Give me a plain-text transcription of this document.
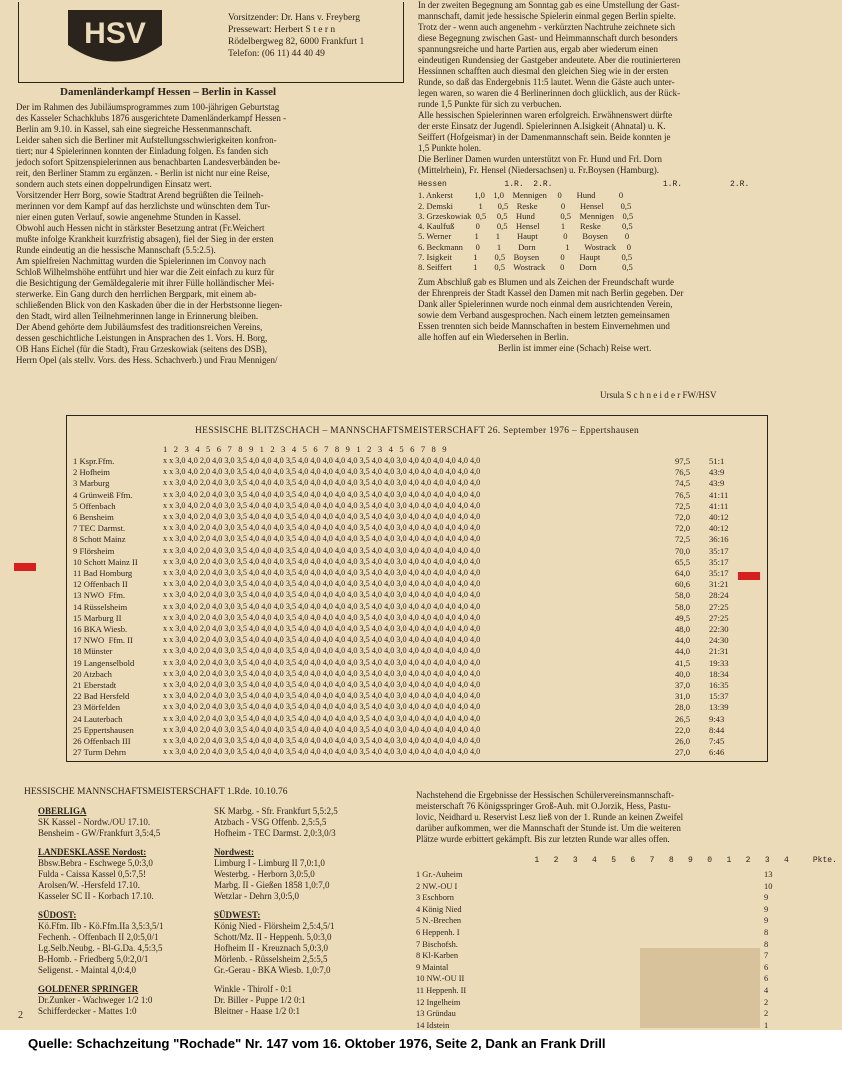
HSV	Vorsitzender: Dr. Hans v. Freyberg
Pressewart: Herbert S t e r n
Rödelbergweg 82, 6000 Frankfurt 1
Telefon: (06 11) 44 40 49
Damenländerkampf Hessen – Berlin in Kassel

Der im Rahmen des Jubiläumsprogrammes zum 100-jährigen Geburtstag

des Kasseler Schachklubs 1876 ausgerichtete Damenländerkampf Hessen -

Berlin am 9.10. in Kassel, sah eine siegreiche Hessenmannschaft.

Leider sahen sich die Berliner mit Aufstellungsschwierigkeiten konfron-

tiert; nur 4 Spielerinnen konnten der Einladung folgen. Es fanden sich

jedoch sofort Spitzenspielerinnen aus benachbarten Landesverbänden be-

reit, den Berliner Stamm zu ergänzen. - Berlin ist nicht nur eine Reise,

sondern auch stets einen doppelrundigen Einsatz wert.

Vorsitzender Herr Borg, sowie Stadtrat Arend begrüßten die Teilneh-

merinnen vor dem Kampf auf das herzlichste und wünschten dem Tur-

nier einen guten Verlauf, sowie angenehme Stunden in Kassel.

Obwohl auch Hessen nicht in stärkster Besetzung antrat (Fr.Weichert

mußte infolge Krankheit kurzfristig absagen), fiel der Sieg in der ersten

Runde eindeutig an die hessische Mannschaft (5.5:2.5).

Am spielfreien Nachmittag wurden die Spielerinnen im Convoy nach

Schloß Wilhelmshöhe entführt und hier war die Zeit einfach zu kurz für

die Besichtigung der Gemäldegalerie mit ihrer Fülle holländischer Mei-

sterwerke. Ein Gang durch den herrlichen Bergpark, mit einem ab-

schließenden Blick von den Kaskaden über die in der Herbstsonne liegen-

den Stadt, wird allen Teilnehmerinnen lange in Erinnerung bleiben.

Der Abend gehörte dem Jubiläumsfest des traditionsreichen Vereins,

dessen geschichtliche Leistungen in Ansprachen des 1. Vors. H. Borg,

OB Hans Eichel (für die Stadt), Frau Grzeskowiak (seitens des DSB),

Herrn Opel (als stellv. Vors. des Hess. Schachverb.) und Frau Mennigen/

In der zweiten Begegnung am Sonntag gab es eine Umstellung der Gast-

mannschaft, damit jede hessische Spielerin einmal gegen Berlin spielte.

Trotz der - wenn auch angenehm - verkürzten Nachtruhe zeichnete sich

diese Begegnung zwischen Gast- und Heimmannschaft durch besonders

spannungsreiche und harte Partien aus, ergab aber wiederum einen

eindeutigen Rundensieg der Gastgeber andeutete. Aber die routinierteren

Hessinnen schafften auch diesmal den gleichen Sieg wie in der ersten

Runde, so daß das Endergebnis 11:5 lautet. Wenn die Gäste auch unter-

legen waren, so waren die 4 Berlinerinnen doch glücklich, aus der Rück-

runde 1,5 Punkte für sich zu verbuchen.

Alle hessischen Spielerinnen waren erfolgreich. Erwähnenswert dürfte

der erste Einsatz der Jugendl. Spielerinnen A.Isigkeit (Ahnatal) u. K.

Seiffert (Hofgeismar) in der Damenmannschaft sein. Beide konnten je

1,5 Punkte holen.

Die Berliner Damen wurden unterstützt von Fr. Hund und Frl. Dorn

(Mittelrhein), Fr. Hensel (Niedersachsen) u. Fr.Boysen (Hamburg).

Hessen            1.R.  2.R.                       1.R.          2.R.
1. Ankerst          1,0    1,0    Mennigen     0       Hund           0
2. Demski            1       0,5    Reske           0       Hensel        0,5
3. Grzeskowiak  0,5     0,5    Hund            0,5    Mennigen    0,5
4. Kaulfuß          0        0,5    Hensel          1       Reske          0,5
5. Werner           1        1        Haupt            0       Boysen        0
6. Beckmann      0        1        Dorn              1       Wostrack     0
7. Isigkeit          1        0,5    Boysen          0       Haupt          0,5
8. Seiffert          1        0,5    Wostrack       0       Dorn            0,5

Zum Abschluß gab es Blumen und als Zeichen der Freundschaft wurde

der Ehrenpreis der Stadt Kassel den Damen mit nach Berlin gegeben. Der

Dank aller Spielerinnen wurde noch einmal dem ausrichtenden Verein,

sowie dem Verband ausgesprochen. Nach einem letzten gemeinsamen

Essen trennten sich beide Mannschaften in bestem Einvernehmen und

alle hoffen auf ein Wiedersehen in Berlin.

Berlin ist immer eine (Schach) Reise wert.
Ursula S c h n e i d e r FW/HSV
HESSISCHE BLITZSCHACH – MANNSCHAFTSMEISTERSCHAFT 26. September 1976 – Eppertshausen
1   2   3   4   5   6   7   8   9   1   2   3   4   5   6   7   8   9   1   2   3   4   5   6   7   8   9
1 Kspr.Ffm.	x x 3,0 4,0 2,0 4,0 3,0 3,5 4,0 4,0 4,0 3,5 4,0 4,0 4,0 4,0 4,0 3,5 4,0 4,0 3,0 4,0 4,0 4,0 4,0 4,0 4,0	97,5 51:1
2 Hofheim	x x 3,0 4,0 2,0 4,0 3,0 3,5 4,0 4,0 4,0 3,5 4,0 4,0 4,0 4,0 4,0 3,5 4,0 4,0 3,0 4,0 4,0 4,0 4,0 4,0 4,0	76,5 43:9
3 Marburg	x x 3,0 4,0 2,0 4,0 3,0 3,5 4,0 4,0 4,0 3,5 4,0 4,0 4,0 4,0 4,0 3,5 4,0 4,0 3,0 4,0 4,0 4,0 4,0 4,0 4,0	74,5 43:9
4 Grünweiß Ffm.	x x 3,0 4,0 2,0 4,0 3,0 3,5 4,0 4,0 4,0 3,5 4,0 4,0 4,0 4,0 4,0 3,5 4,0 4,0 3,0 4,0 4,0 4,0 4,0 4,0 4,0	76,5 41:11
5 Offenbach	x x 3,0 4,0 2,0 4,0 3,0 3,5 4,0 4,0 4,0 3,5 4,0 4,0 4,0 4,0 4,0 3,5 4,0 4,0 3,0 4,0 4,0 4,0 4,0 4,0 4,0	72,5 41:11
6 Bensheim	x x 3,0 4,0 2,0 4,0 3,0 3,5 4,0 4,0 4,0 3,5 4,0 4,0 4,0 4,0 4,0 3,5 4,0 4,0 3,0 4,0 4,0 4,0 4,0 4,0 4,0	72,0 40:12
7 TEC Darmst.	x x 3,0 4,0 2,0 4,0 3,0 3,5 4,0 4,0 4,0 3,5 4,0 4,0 4,0 4,0 4,0 3,5 4,0 4,0 3,0 4,0 4,0 4,0 4,0 4,0 4,0	72,0 40:12
8 Schott Mainz	x x 3,0 4,0 2,0 4,0 3,0 3,5 4,0 4,0 4,0 3,5 4,0 4,0 4,0 4,0 4,0 3,5 4,0 4,0 3,0 4,0 4,0 4,0 4,0 4,0 4,0	72,5 36:16
9 Flörsheim	x x 3,0 4,0 2,0 4,0 3,0 3,5 4,0 4,0 4,0 3,5 4,0 4,0 4,0 4,0 4,0 3,5 4,0 4,0 3,0 4,0 4,0 4,0 4,0 4,0 4,0	70,0 35:17
10 Schott Mainz II	x x 3,0 4,0 2,0 4,0 3,0 3,5 4,0 4,0 4,0 3,5 4,0 4,0 4,0 4,0 4,0 3,5 4,0 4,0 3,0 4,0 4,0 4,0 4,0 4,0 4,0	65,5 35:17
11 Bad Homburg	x x 3,0 4,0 2,0 4,0 3,0 3,5 4,0 4,0 4,0 3,5 4,0 4,0 4,0 4,0 4,0 3,5 4,0 4,0 3,0 4,0 4,0 4,0 4,0 4,0 4,0	64,0 35:17
12 Offenbach II	x x 3,0 4,0 2,0 4,0 3,0 3,5 4,0 4,0 4,0 3,5 4,0 4,0 4,0 4,0 4,0 3,5 4,0 4,0 3,0 4,0 4,0 4,0 4,0 4,0 4,0	60,6 31:21
13 NWO  Ffm.	x x 3,0 4,0 2,0 4,0 3,0 3,5 4,0 4,0 4,0 3,5 4,0 4,0 4,0 4,0 4,0 3,5 4,0 4,0 3,0 4,0 4,0 4,0 4,0 4,0 4,0	58,0 28:24
14 Rüsselsheim	x x 3,0 4,0 2,0 4,0 3,0 3,5 4,0 4,0 4,0 3,5 4,0 4,0 4,0 4,0 4,0 3,5 4,0 4,0 3,0 4,0 4,0 4,0 4,0 4,0 4,0	58,0 27:25
15 Marburg II	x x 3,0 4,0 2,0 4,0 3,0 3,5 4,0 4,0 4,0 3,5 4,0 4,0 4,0 4,0 4,0 3,5 4,0 4,0 3,0 4,0 4,0 4,0 4,0 4,0 4,0	49,5 27:25
16 BKA Wiesb.	x x 3,0 4,0 2,0 4,0 3,0 3,5 4,0 4,0 4,0 3,5 4,0 4,0 4,0 4,0 4,0 3,5 4,0 4,0 3,0 4,0 4,0 4,0 4,0 4,0 4,0	48,0 22:30
17 NWO  Ffm. II	x x 3,0 4,0 2,0 4,0 3,0 3,5 4,0 4,0 4,0 3,5 4,0 4,0 4,0 4,0 4,0 3,5 4,0 4,0 3,0 4,0 4,0 4,0 4,0 4,0 4,0	44,0 24:30
18 Münster	x x 3,0 4,0 2,0 4,0 3,0 3,5 4,0 4,0 4,0 3,5 4,0 4,0 4,0 4,0 4,0 3,5 4,0 4,0 3,0 4,0 4,0 4,0 4,0 4,0 4,0	44,0 21:31
19 Langenselbold	x x 3,0 4,0 2,0 4,0 3,0 3,5 4,0 4,0 4,0 3,5 4,0 4,0 4,0 4,0 4,0 3,5 4,0 4,0 3,0 4,0 4,0 4,0 4,0 4,0 4,0	41,5 19:33
20 Atzbach	x x 3,0 4,0 2,0 4,0 3,0 3,5 4,0 4,0 4,0 3,5 4,0 4,0 4,0 4,0 4,0 3,5 4,0 4,0 3,0 4,0 4,0 4,0 4,0 4,0 4,0	40,0 18:34
21 Eberstadt	x x 3,0 4,0 2,0 4,0 3,0 3,5 4,0 4,0 4,0 3,5 4,0 4,0 4,0 4,0 4,0 3,5 4,0 4,0 3,0 4,0 4,0 4,0 4,0 4,0 4,0	37,0 16:35
22 Bad Hersfeld	x x 3,0 4,0 2,0 4,0 3,0 3,5 4,0 4,0 4,0 3,5 4,0 4,0 4,0 4,0 4,0 3,5 4,0 4,0 3,0 4,0 4,0 4,0 4,0 4,0 4,0	31,0 15:37
23 Mörfelden	x x 3,0 4,0 2,0 4,0 3,0 3,5 4,0 4,0 4,0 3,5 4,0 4,0 4,0 4,0 4,0 3,5 4,0 4,0 3,0 4,0 4,0 4,0 4,0 4,0 4,0	28,0 13:39
24 Lauterbach	x x 3,0 4,0 2,0 4,0 3,0 3,5 4,0 4,0 4,0 3,5 4,0 4,0 4,0 4,0 4,0 3,5 4,0 4,0 3,0 4,0 4,0 4,0 4,0 4,0 4,0	26,5 9:43
25 Eppertshausen	x x 3,0 4,0 2,0 4,0 3,0 3,5 4,0 4,0 4,0 3,5 4,0 4,0 4,0 4,0 4,0 3,5 4,0 4,0 3,0 4,0 4,0 4,0 4,0 4,0 4,0	22,0 8:44
26 Offenbach III	x x 3,0 4,0 2,0 4,0 3,0 3,5 4,0 4,0 4,0 3,5 4,0 4,0 4,0 4,0 4,0 3,5 4,0 4,0 3,0 4,0 4,0 4,0 4,0 4,0 4,0	26,0 7:45
27 Turm Dehrn	x x 3,0 4,0 2,0 4,0 3,0 3,5 4,0 4,0 4,0 3,5 4,0 4,0 4,0 4,0 4,0 3,5 4,0 4,0 3,0 4,0 4,0 4,0 4,0 4,0 4,0	27,0 6:46
HESSISCHE MANNSCHAFTSMEISTERSCHAFT 1.Rde. 10.10.76
OBERLIGA
SK Kassel - Nordw./OU 17.10.
Bensheim - GW/Frankfurt 3,5:4,5
LANDESKLASSE Nordost:
Bbsw.Bebra - Eschwege 5,0:3,0
Fulda - Caissa Kassel 0,5:7,5!
Arolsen/W. -Hersfeld 17.10.
Kasseler SC II - Korbach 17.10.
SÜDOST:
Kö.Ffm. IIb - Kö.Ffm.IIa 3,5:3,5/1
Fechenh. - Offenbach II 2,0:5,0/1
Lg.Selb.Neubg. - Bl-G.Da. 4,5:3,5
B-Homb. - Friedberg 5,0:2,0/1
Seligenst. - Maintal 4,0:4,0
GOLDENER SPRINGER
Dr.Zunker - Wachweger 1/2 1:0
Schifferdecker - Mattes 1:0
SK Marbg. - Sfr. Frankfurt 5,5:2,5
Atzbach - VSG Offenb. 2,5:5,5
Hofheim - TEC Darmst. 2,0:3,0/3
Nordwest:
Limburg I - Limburg II 7,0:1,0
Westerbg. - Herborn 3,0:5,0
Marbg. II - Gießen 1858 1,0:7,0
Wetzlar - Dehrn 3,0:5,0
SÜDWEST:
König Nied - Flörsheim 2,5:4,5/1
Schott/Mz. II - Heppenh. 5,0:3,0
Hofheim II - Kreuznach 5,0:3,0
Mörlenb. - Rüsselsheim 2,5:5,5
Gr.-Gerau - BKA Wiesb. 1,0:7,0
Winkle - Thirolf - 0:1
Dr. Biller - Puppe 1/2 0:1
Bleitner - Haase 1/2 0:1

Nachstehend die Ergebnisse der Hessischen Schülervereinsmannschaft-

meisterschaft 76 Königsspringer Groß-Auh. mit O.Jorzik, Hess, Pastu-

lovic, Neidhard u. Reservist Lesz ließ von der 1. Runde an keinen Zweifel

darüber aufkommen, wer die Mannschaft der Stunde ist. Um die weiteren

Plätze wurde erbittert gekämpft. Bis zur letzten Runde war alles offen.

1   2   3   4   5   6   7   8   9   0   1   2   3   4     Pkte.
1 Gr.-Auheim	13
2 NW.-OU I	10
3 Eschborn	9
4 König Nied	9
5 N.-Brechen	9
6 Heppenh. I	8
7 Bischofsh.	8
8 Kl-Karben	7
9 Maintal	6
10 NW.-OU II	6
11 Heppenh. II	4
12 Ingelheim	2
13 Gründau	2
14 Idstein	1
2
Quelle: Schachzeitung "Rochade" Nr. 147 vom 16. Oktober 1976, Seite 2, Dank an Frank Drill
